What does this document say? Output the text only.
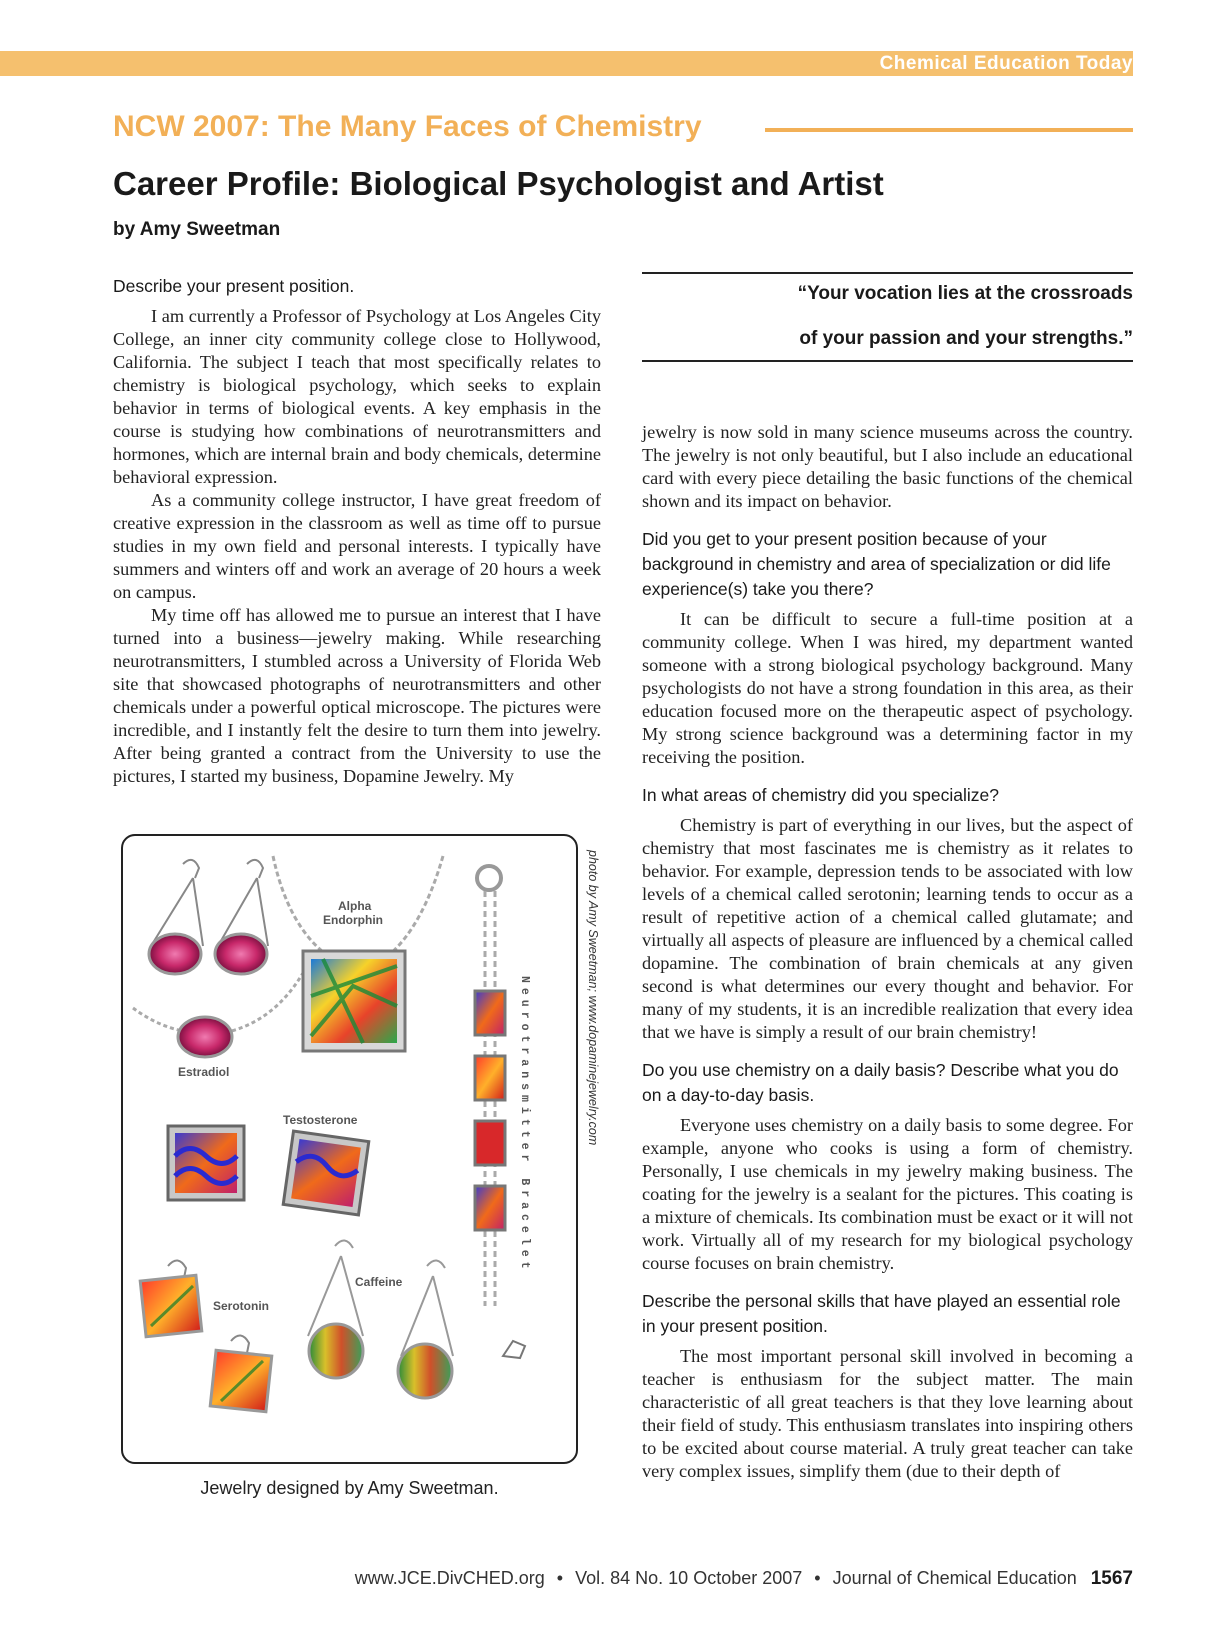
Chemical Education Today
NCW 2007: The Many Faces of Chemistry
Career Profile: Biological Psychologist and Artist
by Amy Sweetman
Describe your present position.

I am currently a Professor of Psychology at Los Angeles City College, an inner city community college close to Hollywood, California. The subject I teach that most specifically relates to chemistry is biological psychology, which seeks to explain behavior in terms of biological events. A key emphasis in the course is studying how combinations of neurotransmitters and hormones, which are internal brain and body chemicals, determine behavioral expression.

As a community college instructor, I have great freedom of creative expression in the classroom as well as time off to pursue studies in my own field and personal interests. I typically have summers and winters off and work an average of 20 hours a week on campus.

My time off has allowed me to pursue an interest that I have turned into a business—jewelry making. While researching neurotransmitters, I stumbled across a University of Florida Web site that showcased photographs of neurotransmitters and other chemicals under a powerful optical microscope. The pictures were incredible, and I instantly felt the desire to turn them into jewelry. After being granted a contract from the University to use the pictures, I started my business, Dopamine Jewelry. My

“Your vocation lies at the crossroads
of your passion and your strengths.”

jewelry is now sold in many science museums across the country. The jewelry is not only beautiful, but I also include an educational card with every piece detailing the basic functions of the chemical shown and its impact on behavior.

Did you get to your present position because of your background in chemistry and area of specialization or did life experience(s) take you there?

It can be difficult to secure a full-time position at a community college. When I was hired, my department wanted someone with a strong biological psychology background. Many psychologists do not have a strong foundation in this area, as their education focused more on the therapeutic aspect of psychology. My strong science background was a determining factor in my receiving the position.

In what areas of chemistry did you specialize?

Chemistry is part of everything in our lives, but the aspect of chemistry that most fascinates me is chemistry as it relates to behavior. For example, depression tends to be associated with low levels of a chemical called serotonin; learning tends to occur as a result of repetitive action of a chemical called glutamate; and virtually all aspects of pleasure are influenced by a chemical called dopamine. The combination of brain chemicals at any given second is what determines our every thought and behavior. For many of my students, it is an incredible realization that every idea that we have is simply a result of our brain chemistry!

Do you use chemistry on a daily basis? Describe what you do on a day-to-day basis.

Everyone uses chemistry on a daily basis to some degree. For example, anyone who cooks is using a form of chemistry. Personally, I use chemicals in my jewelry making business. The coating for the jewelry is a sealant for the pictures. This coating is a mixture of chemicals. Its combination must be exact or it will not work. Virtually all of my research for my biological psychology course focuses on brain chemistry.

Describe the personal skills that have played an essential role in your present position.

The most important personal skill involved in becoming a teacher is enthusiasm for the subject matter. The main characteristic of all great teachers is that they love learning about their field of study. This enthusiasm translates into inspiring others to be excited about course material. A truly great teacher can take very complex issues, simplify them (due to their depth of

Alpha
Endorphin
Estradiol
Testosterone
Caffeine
Serotonin
Neurotransmitter Bracelet	photo by Amy Sweetman; www.dopaminejewelry.com
Jewelry designed by Amy Sweetman.
www.JCE.DivCHED.org • Vol. 84 No. 10 October 2007 • Journal of Chemical Education 1567
